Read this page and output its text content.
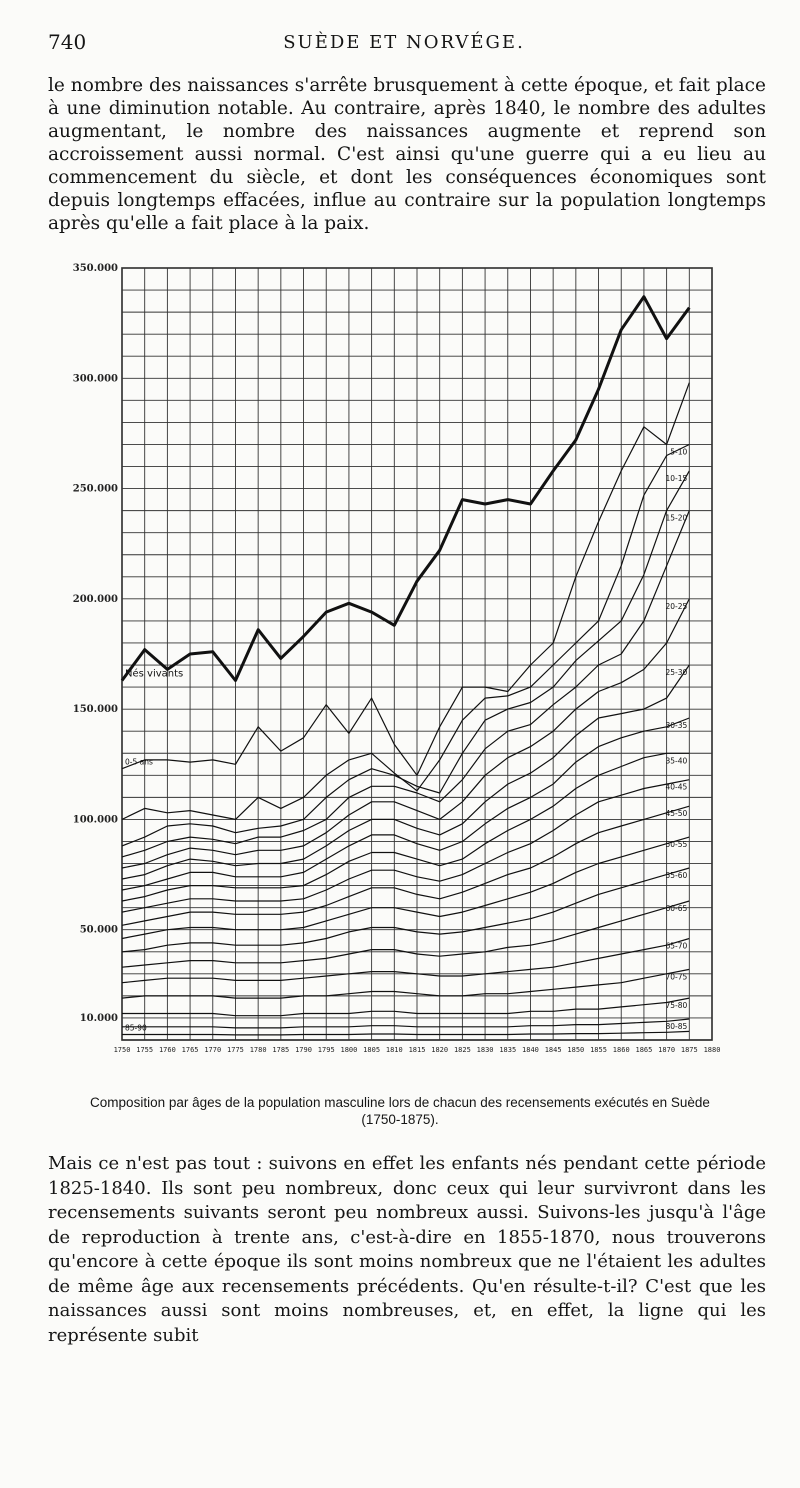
740	SUÈDE ET NORVÉGE.

le nombre des naissances s'arrête brusquement à cette époque, et fait place à une diminution notable. Au contraire, après 1840, le nombre des adultes augmentant, le nombre des naissances augmente et reprend son accroissement aussi normal. C'est ainsi qu'une guerre qui a eu lieu au commencement du siècle, et dont les conséquences économiques sont depuis longtemps effacées, influe au contraire sur la population longtemps après qu'elle a fait place à la paix.

350.000
300.000
250.000
200.000
150.000
100.000
50.000
10.000
1750 1755 1760 1765 1770 1775 1780 1785 1790 1795 1800 1805 1810 1815 1820 1825 1830 1835 1840 1845 1850 1855 1860 1865 1870 1875 1880
Nés vivants
0-5 ans
5-10
10-15
15-20
20-25
25-30
30-35
35-40
40-45
45-50
50-55
55-60
60-65
65-70
70-75
75-80
80-85
85-90
Composition par âges de la population masculine lors de chacun des recensements exécutés en Suède
(1750-1875).

Mais ce n'est pas tout : suivons en effet les enfants nés pendant cette période 1825-1840. Ils sont peu nombreux, donc ceux qui leur survivront dans les recensements suivants seront peu nombreux aussi. Suivons-les jusqu'à l'âge de reproduction à trente ans, c'est-à-dire en 1855-1870, nous trouverons qu'encore à cette époque ils sont moins nombreux que ne l'étaient les adultes de même âge aux recensements précédents. Qu'en résulte-t-il? C'est que les naissances aussi sont moins nombreuses, et, en effet, la ligne qui les représente subit
